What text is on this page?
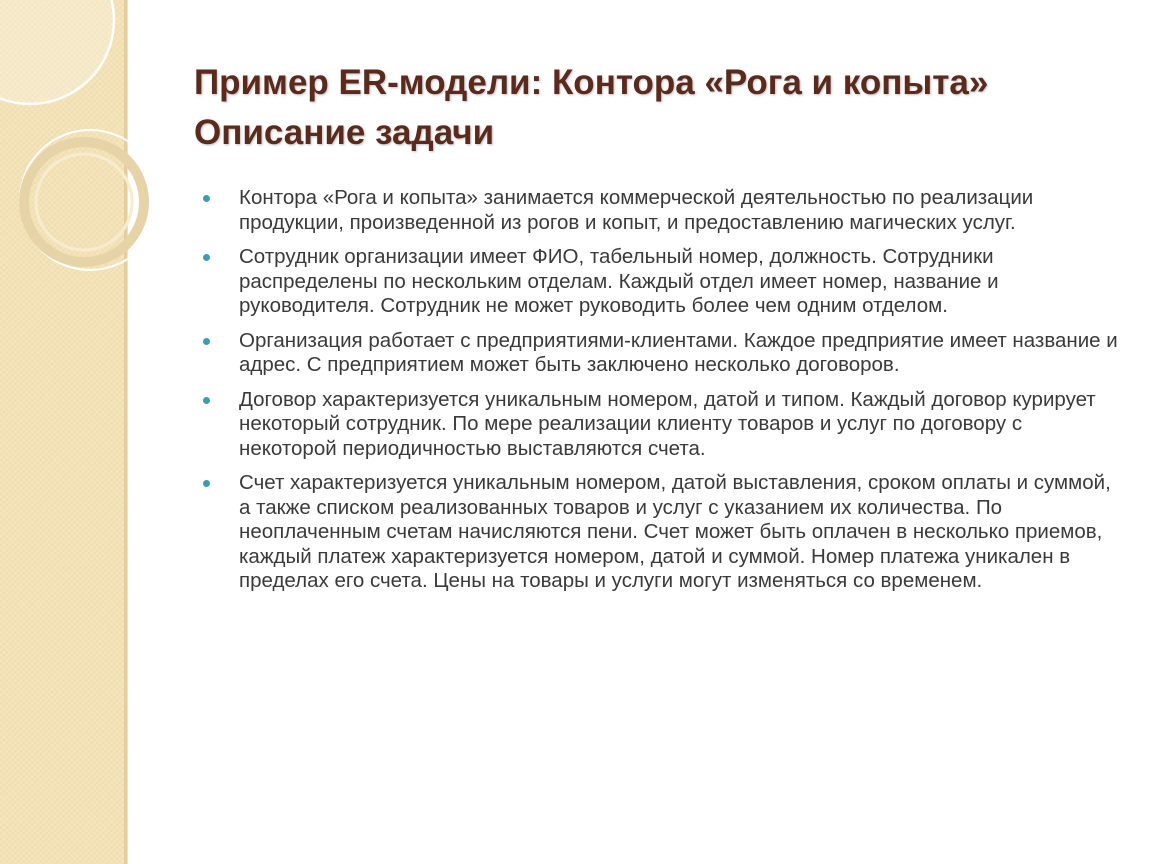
Пример ER-модели: Контора «Рога и копыта»
Описание задачи
Контора «Рога и копыта» занимается коммерческой деятельностью по реализации продукции, произведенной из рогов и копыт, и предоставлению магических услуг.
Сотрудник организации имеет ФИО, табельный номер, должность. Сотрудники распределены по нескольким отделам. Каждый отдел имеет номер, название и руководителя. Сотрудник не может руководить более чем одним отделом.
Организация работает с предприятиями-клиентами. Каждое предприятие имеет название и адрес. С предприятием может быть заключено несколько договоров.
Договор характеризуется уникальным номером, датой и типом. Каждый договор курирует некоторый сотрудник. По мере реализации клиенту товаров и услуг по договору с некоторой периодичностью выставляются счета.
Счет характеризуется уникальным номером, датой выставления, сроком оплаты и суммой, а также списком реализованных товаров и услуг с указанием их количества. По неоплаченным счетам начисляются пени. Счет может быть оплачен в несколько приемов, каждый платеж характеризуется номером, датой и суммой. Номер платежа уникален в пределах его счета. Цены на товары и услуги могут изменяться со временем.
